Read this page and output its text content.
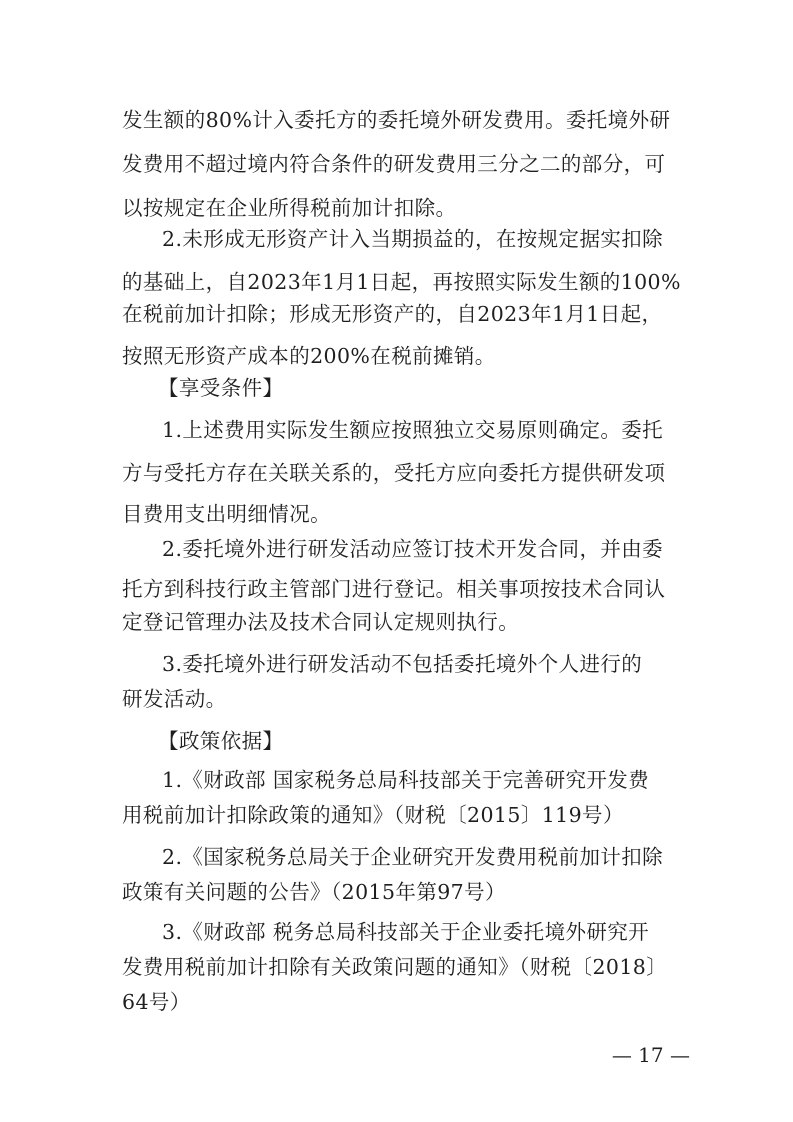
发生额的80%计入委托方的委托境外研发费用。委托境外研
发费用不超过境内符合条件的研发费用三分之二的部分，可
以按规定在企业所得税前加计扣除。
2.未形成无形资产计入当期损益的，在按规定据实扣除
的基础上，自2023年1月1日起，再按照实际发生额的100%
在税前加计扣除；形成无形资产的，自2023年1月1日起，
按照无形资产成本的200%在税前摊销。
【享受条件】
1.上述费用实际发生额应按照独立交易原则确定。委托
方与受托方存在关联关系的，受托方应向委托方提供研发项
目费用支出明细情况。
2.委托境外进行研发活动应签订技术开发合同，并由委
托方到科技行政主管部门进行登记。相关事项按技术合同认
定登记管理办法及技术合同认定规则执行。
3.委托境外进行研发活动不包括委托境外个人进行的
研发活动。
【政策依据】
1.《财政部 国家税务总局科技部关于完善研究开发费
用税前加计扣除政策的通知》（财税〔2015〕119号）
2.《国家税务总局关于企业研究开发费用税前加计扣除
政策有关问题的公告》（2015年第97号）
3.《财政部 税务总局科技部关于企业委托境外研究开
发费用税前加计扣除有关政策问题的通知》（财税〔2018〕
64号）
— 17 —
